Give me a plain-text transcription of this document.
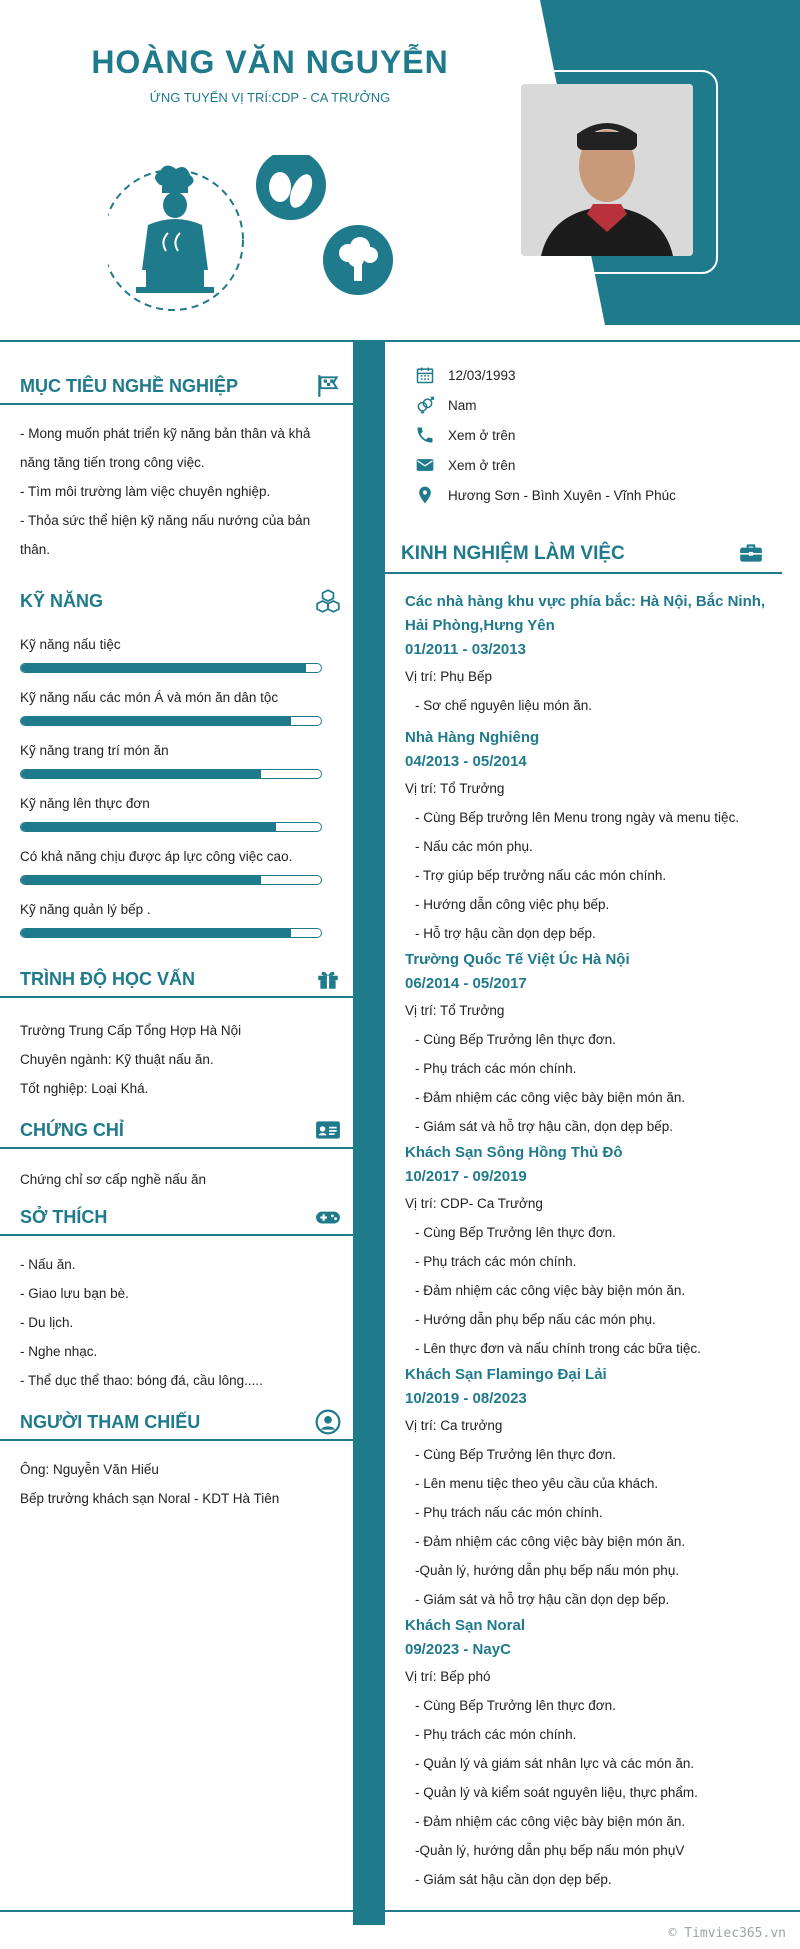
HOÀNG VĂN NGUYỄN
ỨNG TUYỂN VỊ TRÍ:CDP - CA TRƯỞNG
MỤC TIÊU NGHỀ NGHIỆP

- Mong muốn phát triển kỹ năng bản thân và khả năng tăng tiến trong công việc.

- Tìm môi trường làm việc chuyên nghiệp.

- Thỏa sức thể hiện kỹ năng nấu nướng của bản thân.

KỸ NĂNG
Kỹ năng nấu tiệc
Kỹ năng nấu các món Á và món ăn dân tộc
Kỹ năng trang trí món ăn
Kỹ năng lên thực đơn
Có khả năng chịu được áp lực công việc cao.
Kỹ năng quản lý bếp .
TRÌNH ĐỘ HỌC VẤN

Trường Trung Cấp Tổng Hợp Hà Nội

Chuyên ngành: Kỹ thuật nấu ăn.

Tốt nghiệp: Loại Khá.

CHỨNG CHỈ

Chứng chỉ sơ cấp nghề nấu ăn

SỞ THÍCH

- Nấu ăn.

- Giao lưu bạn bè.

- Du lịch.

- Nghe nhạc.

- Thể dục thể thao: bóng đá, cầu lông.....

NGƯỜI THAM CHIẾU

Ông: Nguyễn Văn Hiếu

Bếp trưởng khách sạn Noral - KDT Hà Tiên

12/03/1993
Nam
Xem ở trên
Xem ở trên
Hương Sơn - Bình Xuyên - Vĩnh Phúc
KINH NGHIỆM LÀM VIỆC
Các nhà hàng khu vực phía bắc: Hà Nội, Bắc Ninh, Hải Phòng,Hưng Yên
01/2011 - 03/2013
Vị trí: Phụ Bếp
- Sơ chế nguyên liệu món ăn.
Nhà Hàng Nghiêng
04/2013 - 05/2014
Vị trí: Tổ Trưởng
- Cùng Bếp trưởng lên Menu trong ngày và menu tiệc.
- Nấu các món phụ.
- Trợ giúp bếp trưởng nấu các món chính.
- Hướng dẫn công việc phụ bếp.
- Hỗ trợ hậu cần dọn dẹp bếp.
Trường Quốc Tế Việt Úc Hà Nội
06/2014 - 05/2017
Vị trí: Tổ Trưởng
- Cùng Bếp Trưởng lên thực đơn.
- Phụ trách các món chính.
- Đảm nhiệm các công việc bày biện món ăn.
- Giám sát và hỗ trợ hậu cần, dọn dẹp bếp.
Khách Sạn Sông Hồng Thủ Đô
10/2017 - 09/2019
Vị trí: CDP- Ca Trưởng
- Cùng Bếp Trưởng lên thực đơn.
- Phụ trách các món chính.
- Đảm nhiệm các công việc bày biện món ăn.
- Hướng dẫn phụ bếp nấu các món phụ.
- Lên thực đơn và nấu chính trong các bữa tiệc.
Khách Sạn Flamingo Đại Lải
10/2019 - 08/2023
Vị trí: Ca trưởng
- Cùng Bếp Trưởng lên thực đơn.
- Lên menu tiệc theo yêu cầu của khách.
- Phụ trách nấu các món chính.
- Đảm nhiệm các công việc bày biện món ăn.
-Quản lý, hướng dẫn phụ bếp nấu món phụ.
- Giám sát và hỗ trợ hậu cần dọn dẹp bếp.
Khách Sạn Noral
09/2023 - NayC
Vị trí: Bếp phó
- Cùng Bếp Trưởng lên thực đơn.
- Phụ trách các món chính.
- Quản lý và giám sát nhân lực và các món ăn.
- Quản lý và kiểm soát nguyên liệu, thực phẩm.
- Đảm nhiệm các công việc bày biện món ăn.
-Quản lý, hướng dẫn phụ bếp nấu món phụV
- Giám sát hậu cần dọn dẹp bếp.
© Timviec365.vn
